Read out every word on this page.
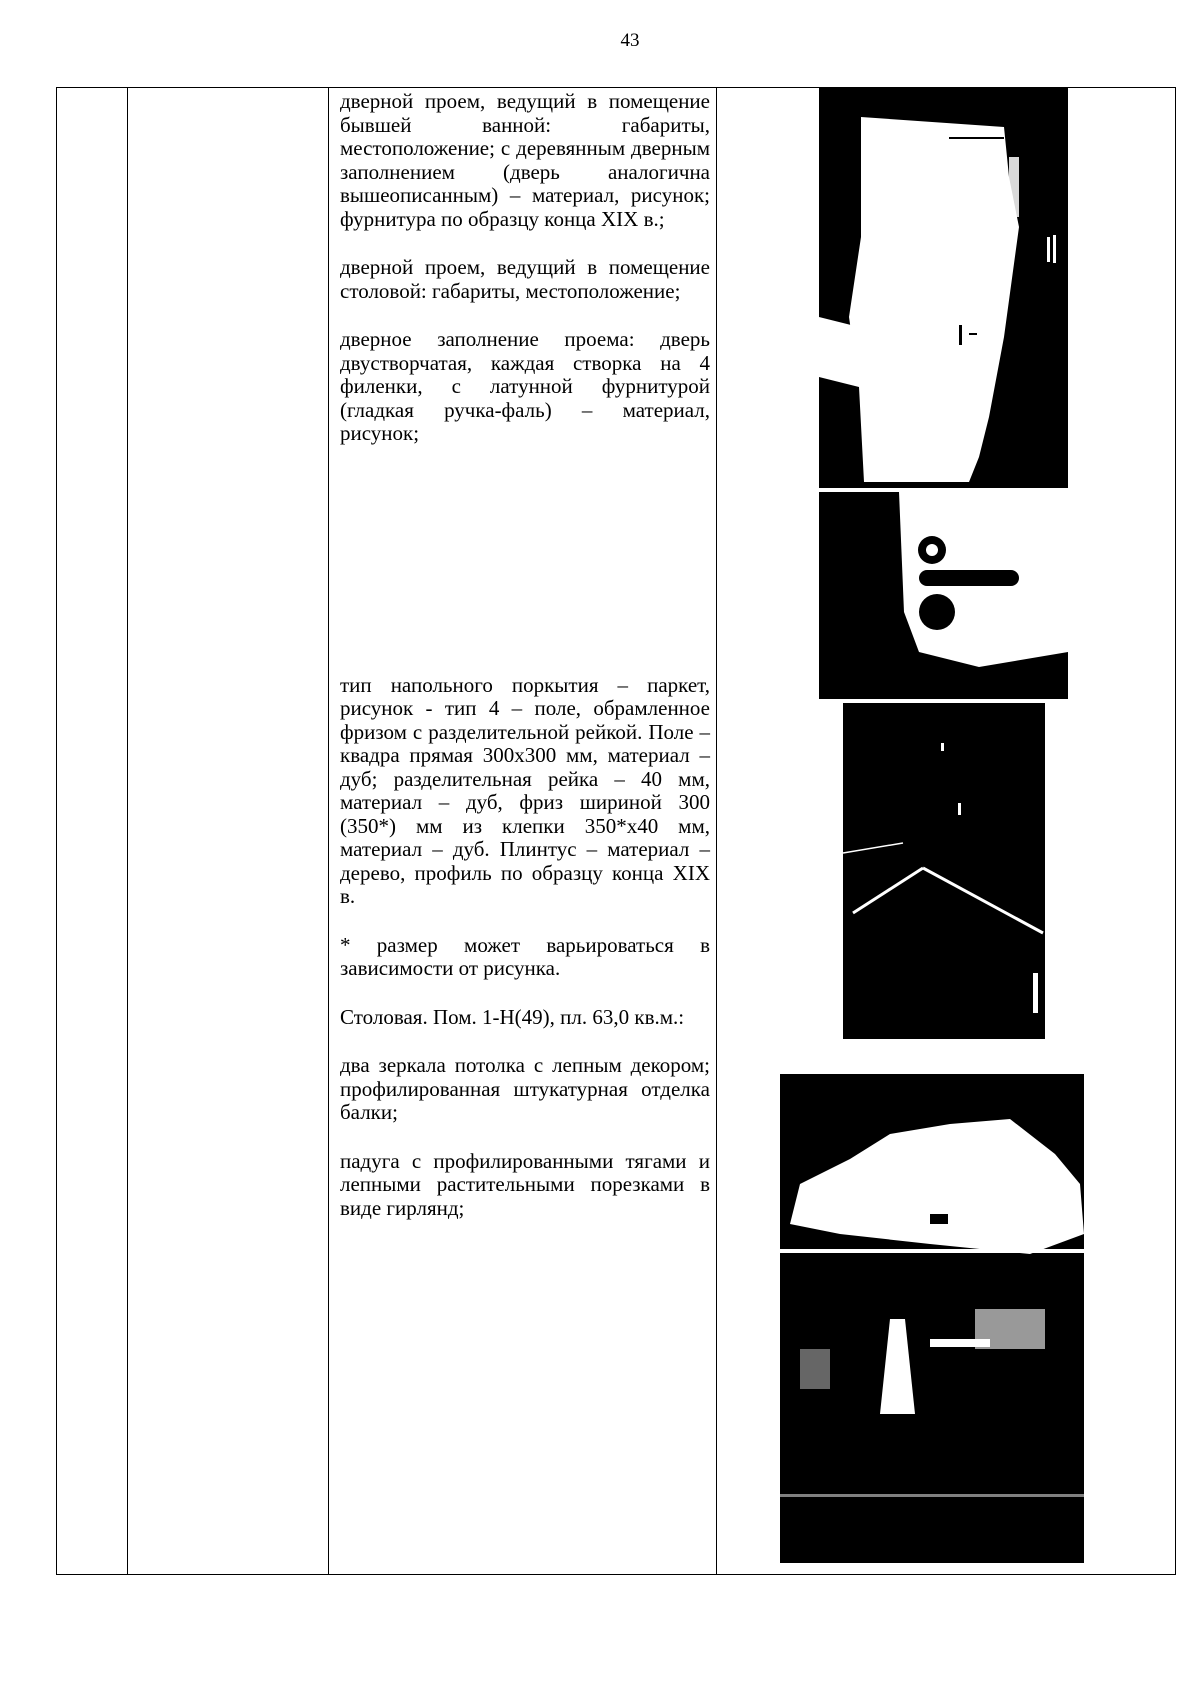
43

дверной проем, ведущий в помещение бывшей ванной: габариты, местоположение; с деревянным дверным заполнением (дверь аналогична вышеописанным) – материал, рисунок; фурнитура по образцу конца XIX в.;

дверной проем, ведущий в помещение столовой: габариты, местоположение;

дверное заполнение проема: дверь двустворчатая, каждая створка на 4 филенки, с латунной фурнитурой (гладкая ручка-фаль) – материал, рисунок;

тип напольного поркытия – паркет, рисунок - тип 4 – поле, обрамленное фризом с разделительной рейкой. Поле – квадра прямая 300х300 мм, материал – дуб; разделительная рейка – 40 мм, материал – дуб, фриз шириной 300 (350*) мм из клепки 350*х40 мм, материал – дуб. Плинтус – материал – дерево, профиль по образцу конца XIX в.

* размер может варьироваться в зависимости от рисунка.

Столовая. Пом. 1-Н(49), пл. 63,0 кв.м.:

два зеркала потолка с лепным декором; профилированная штукатурная отделка балки;

падуга с профилированными тягами и лепными растительными порезками в виде гирлянд;
